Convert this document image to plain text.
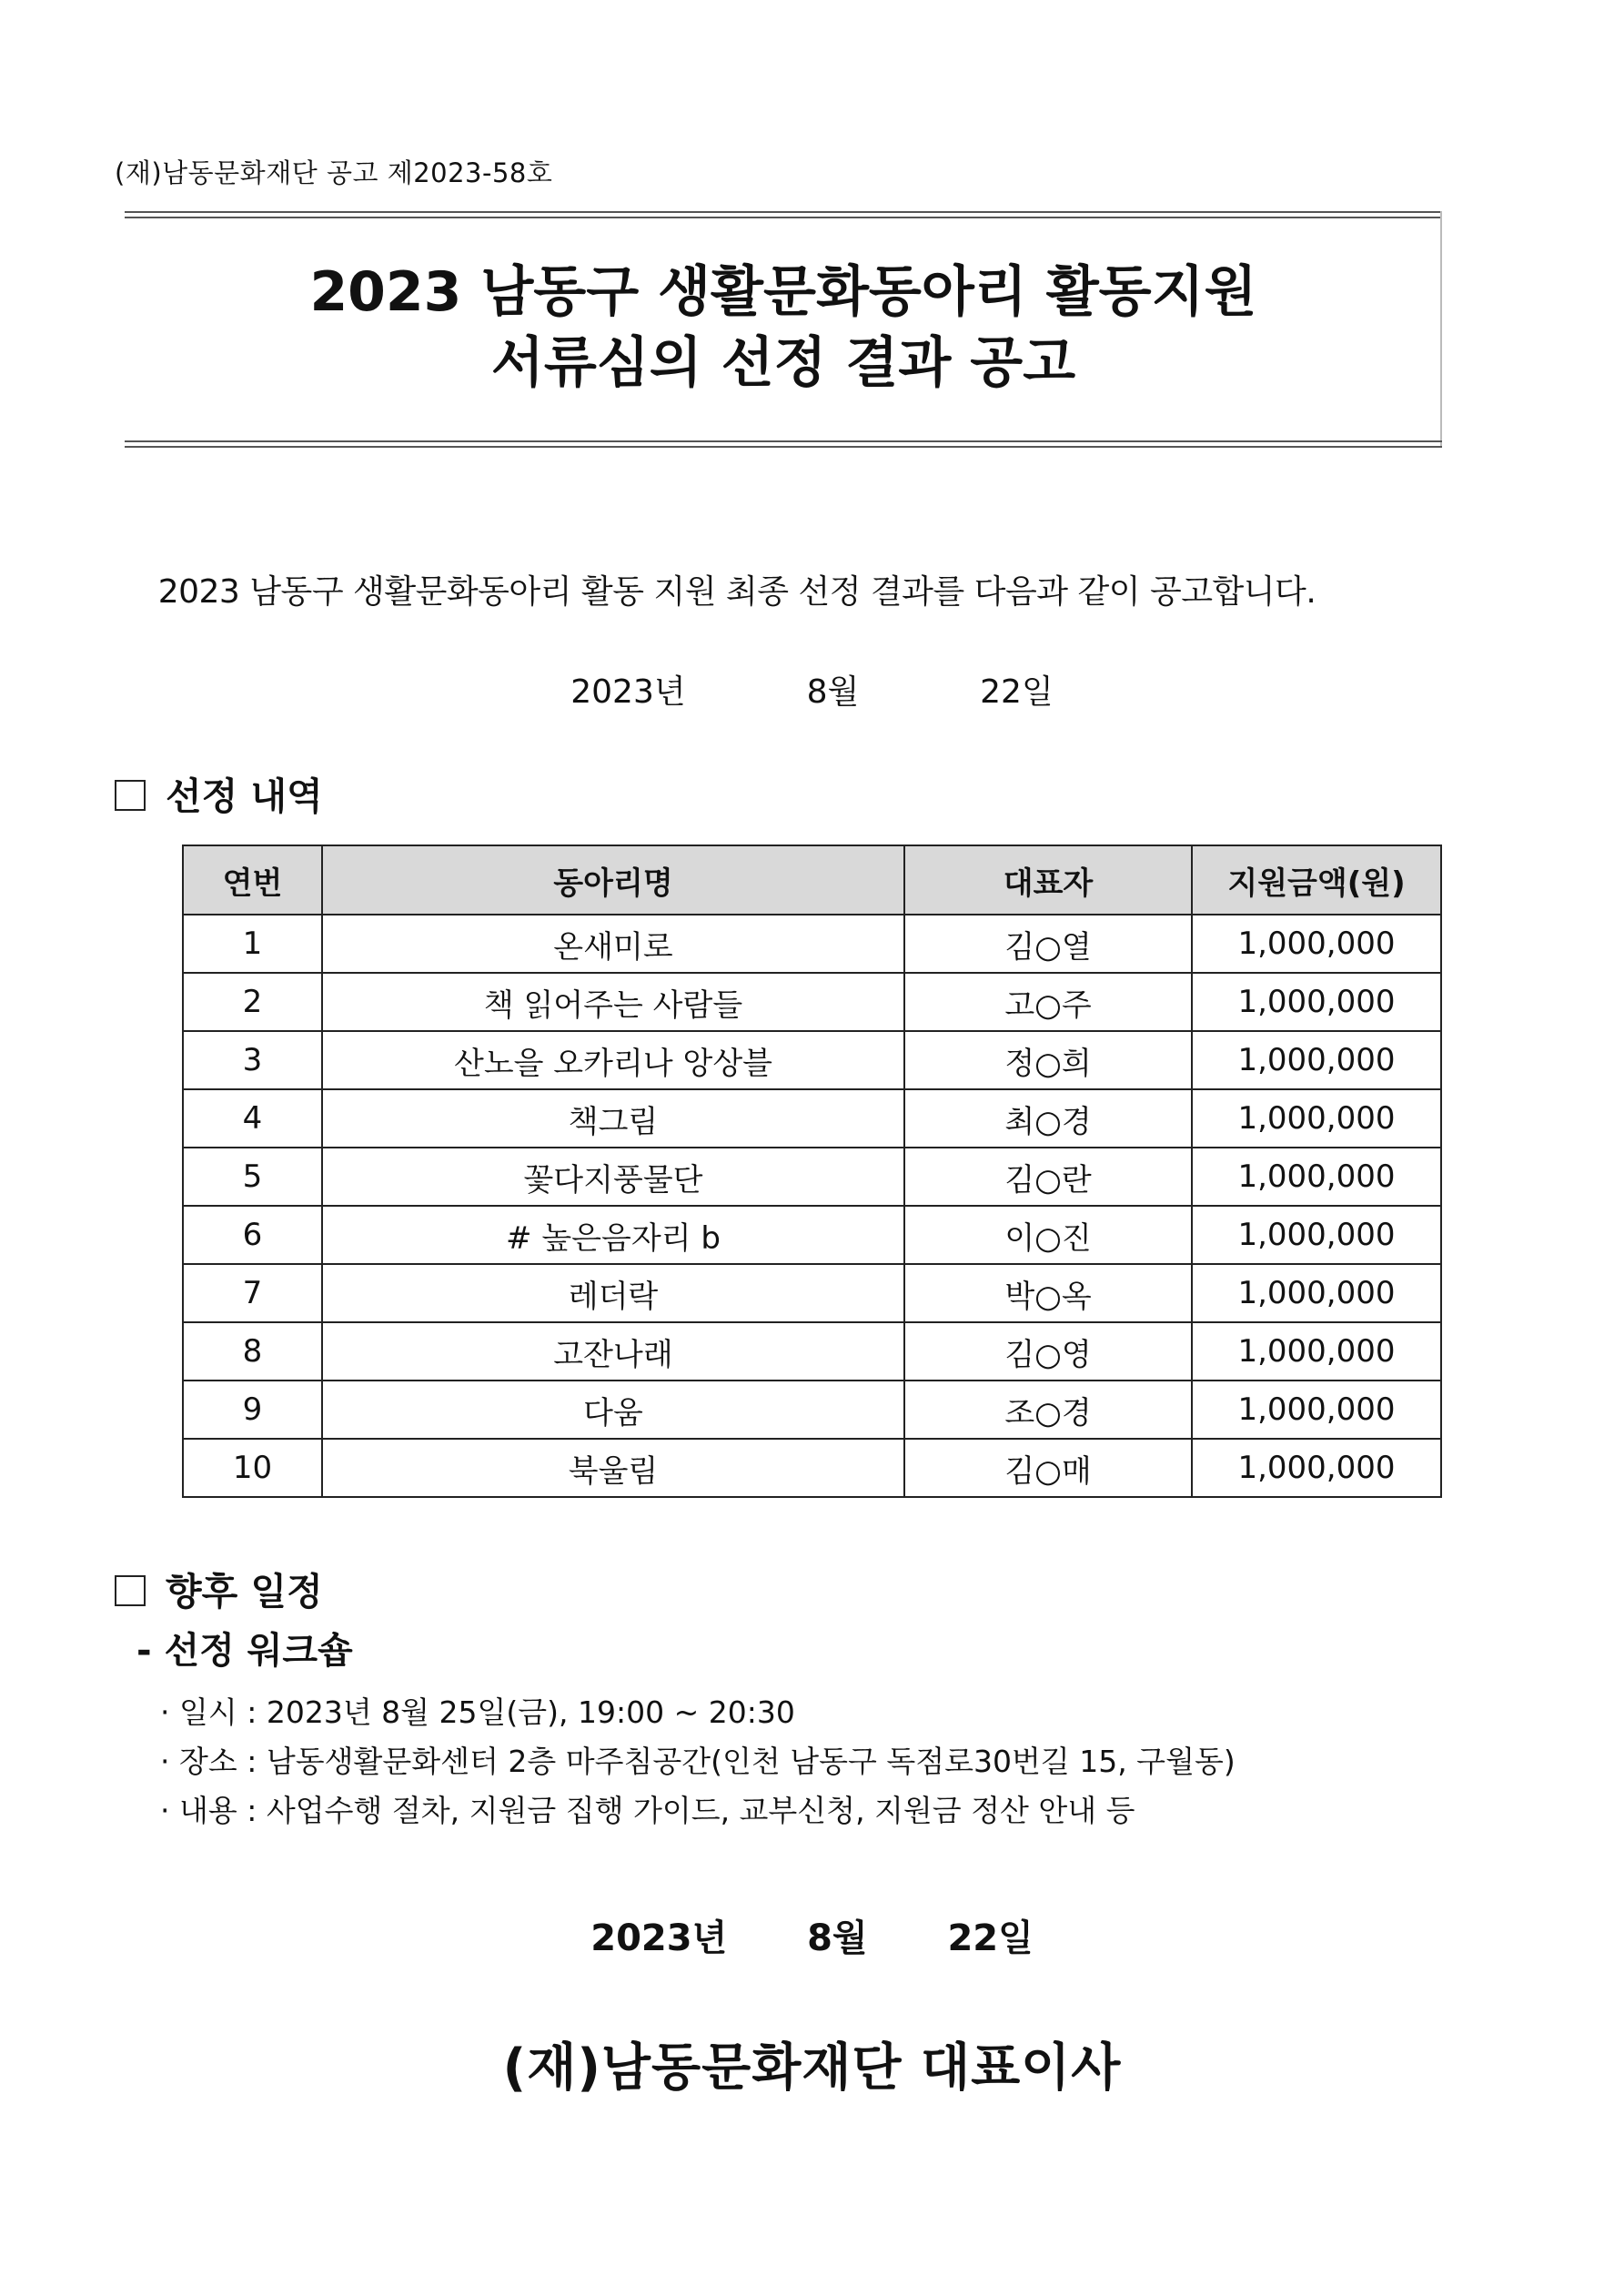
(재)남동문화재단 공고 제2023-58호
2023 남동구 생활문화동아리 활동지원
서류심의 선정 결과 공고
2023 남동구 생활문화동아리 활동 지원 최종 선정 결과를 다음과 같이 공고합니다.
2023년	8월	22일
선정 내역
연번	동아리명	대표자	지원금액(원)
1	온새미로	김○열	1,000,000
2	책 읽어주는 사람들	고○주	1,000,000
3	산노을 오카리나 앙상블	정○희	1,000,000
4	책그림	최○경	1,000,000
5	꽃다지풍물단	김○란	1,000,000
6	# 높은음자리 b	이○진	1,000,000
7	레더락	박○옥	1,000,000
8	고잔나래	김○영	1,000,000
9	다움	조○경	1,000,000
10	북울림	김○매	1,000,000
향후 일정
- 선정 워크숍
· 일시 : 2023년 8월 25일(금), 19:00 ~ 20:30
· 장소 : 남동생활문화센터 2층 마주침공간(인천 남동구 독점로30번길 15, 구월동)
· 내용 : 사업수행 절차, 지원금 집행 가이드, 교부신청, 지원금 정산 안내 등
2023년 8월 22일
(재)남동문화재단 대표이사
